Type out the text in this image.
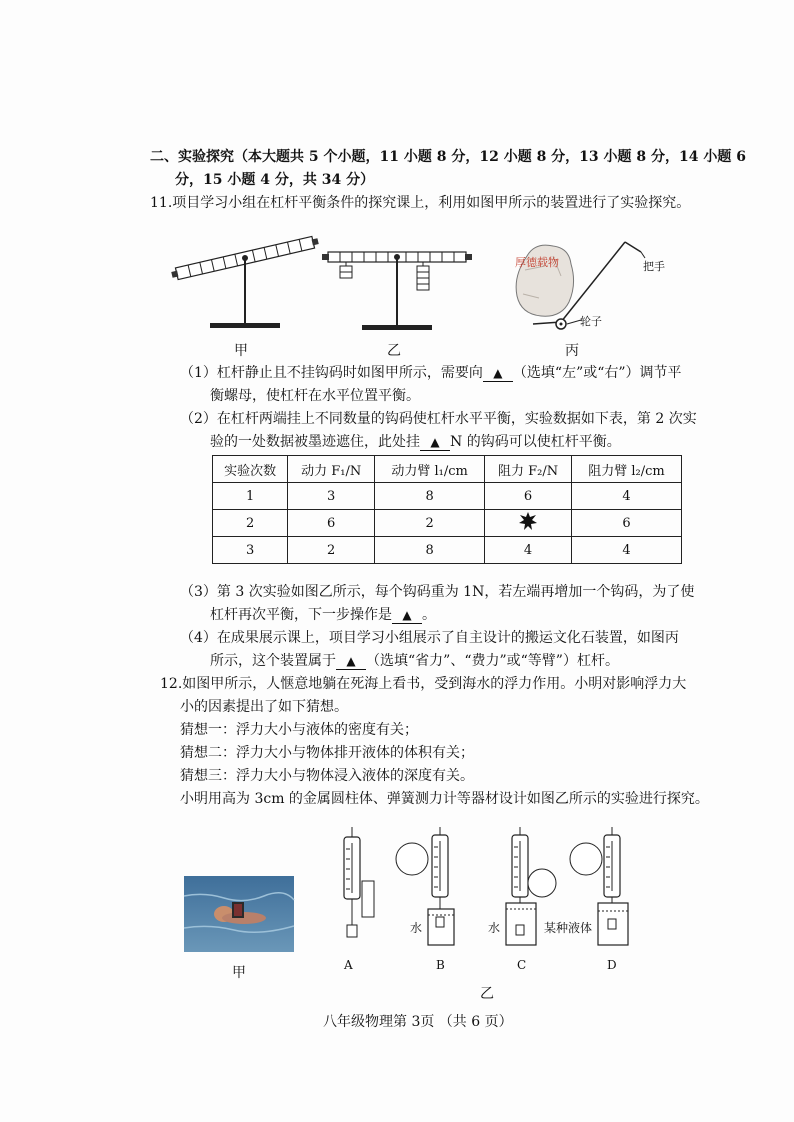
二、实验探究（本大题共 5 个小题，11 小题 8 分，12 小题 8 分，13 小题 8 分，14 小题 6
分，15 小题 4 分，共 34 分）
11.项目学习小组在杠杆平衡条件的探究课上，利用如图甲所示的装置进行了实验探究。
甲	乙
厚德载物	把手
轮子
丙
（1）杠杆静止且不挂钩码时如图甲所示，需要向 ▲ （选填“左”或“右”）调节平
衡螺母，使杠杆在水平位置平衡。
（2）在杠杆两端挂上不同数量的钩码使杠杆水平平衡，实验数据如下表，第 2 次实
验的一处数据被墨迹遮住，此处挂 ▲ N 的钩码可以使杠杆平衡。
实验次数	动力 F₁/N	动力臂 l₁/cm	阻力 F₂/N	阻力臂 l₂/cm
1	3	8	6	4
2	6	2		6
3	2	8	4	4
（3）第 3 次实验如图乙所示，每个钩码重为 1N，若左端再增加一个钩码，为了使
杠杆再次平衡，下一步操作是 ▲ 。
（4）在成果展示课上，项目学习小组展示了自主设计的搬运文化石装置，如图丙
所示，这个装置属于 ▲ （选填“省力”、“费力”或“等臂”）杠杆。
12.如图甲所示，人惬意地躺在死海上看书，受到海水的浮力作用。小明对影响浮力大
小的因素提出了如下猜想。
猜想一：浮力大小与液体的密度有关；
猜想二：浮力大小与物体排开液体的体积有关；
猜想三：浮力大小与物体浸入液体的深度有关。
小明用高为 3cm 的金属圆柱体、弹簧测力计等器材设计如图乙所示的实验进行探究。
甲
水	水	某种液体
A	B	C	D
乙
八年级物理第 3页 （共 6 页）
